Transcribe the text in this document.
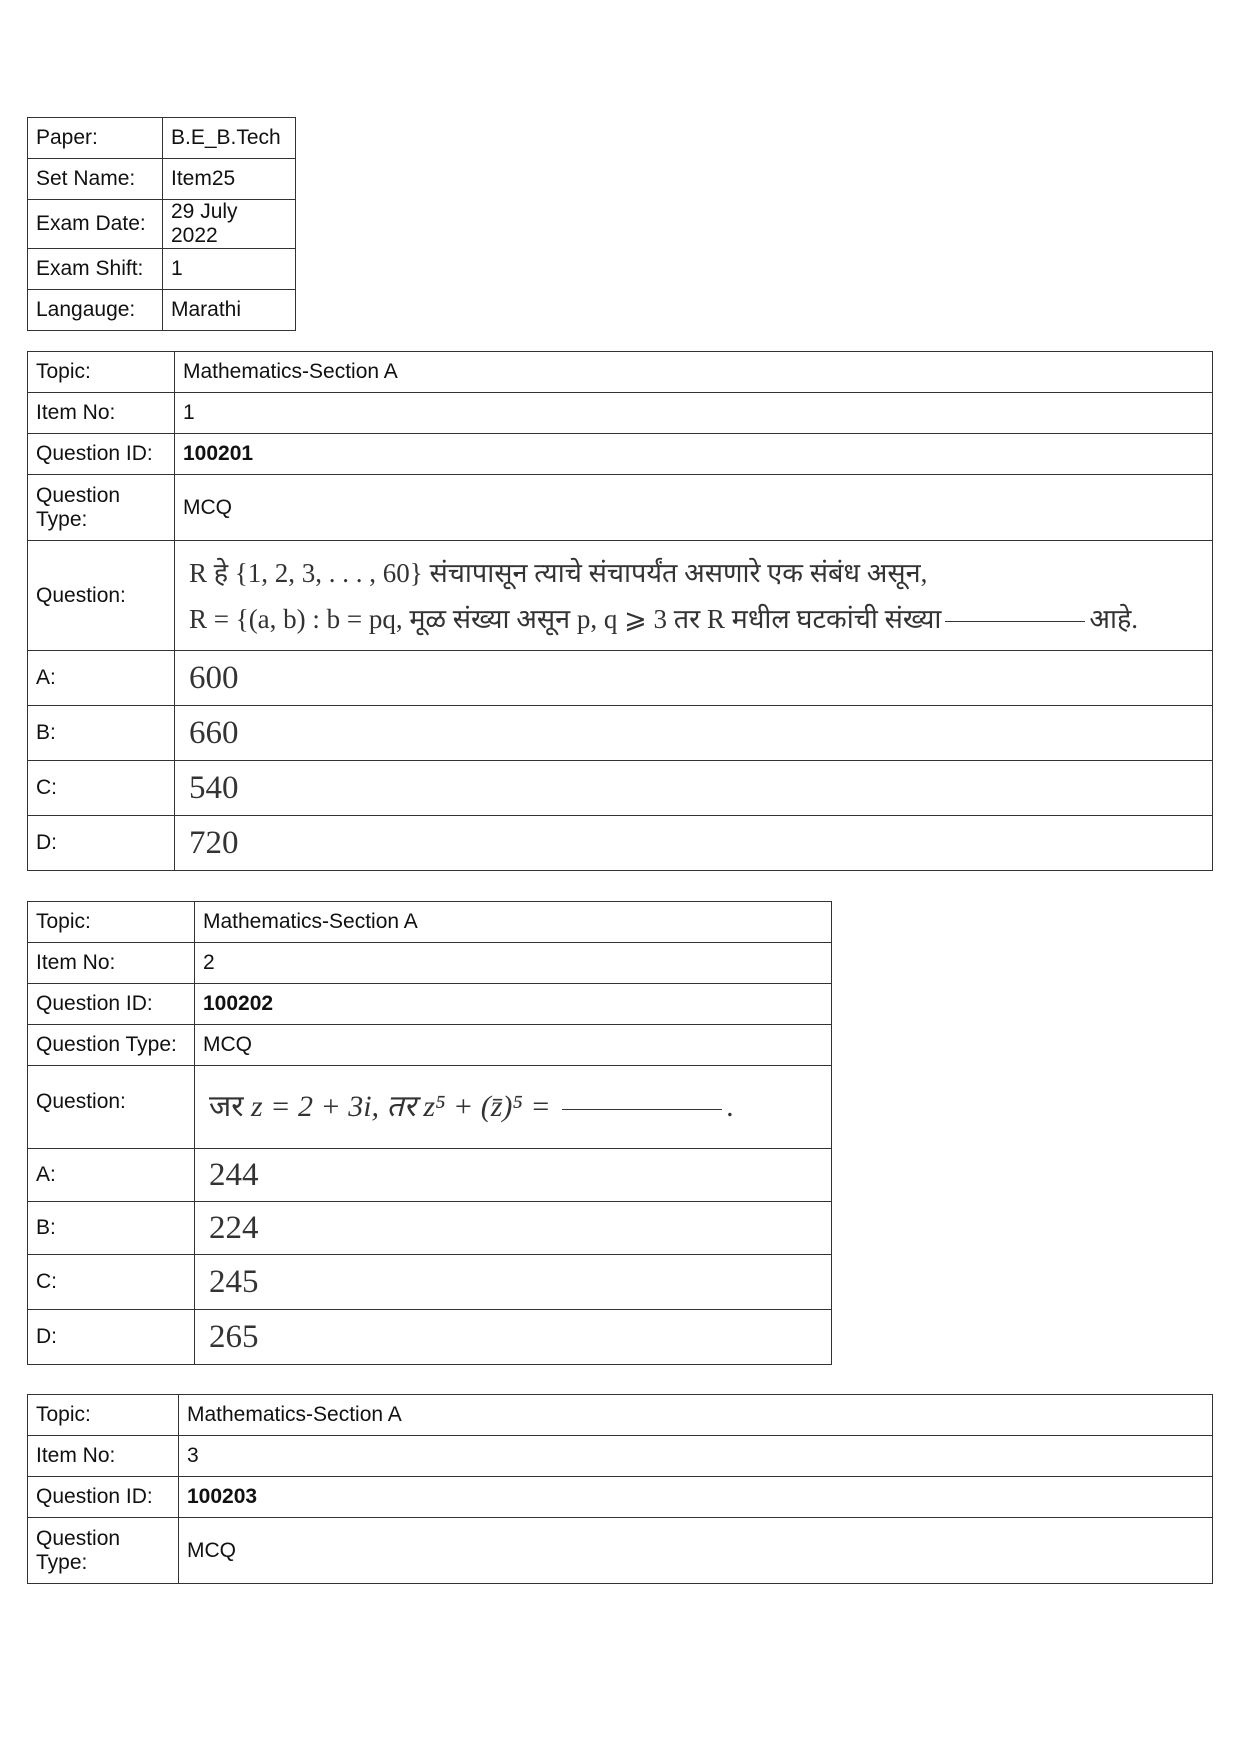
Paper:	B.E_B.Tech
Set Name:	Item25
Exam Date:	29 July 2022
Exam Shift:	1
Langauge:	Marathi
Topic:	Mathematics-Section A
Item No:	1
Question ID:	100201
Question
Type:	MCQ
Question:	R हे {1, 2, 3, . . . , 60} संचापासून त्याचे संचापर्यंत असणारे एक संबंध असून,
R = {(a, b) : b = pq, मूळ संख्या असून p, q ⩾ 3 तर R मधील घटकांची संख्या आहे.

A:	600
B:	660
C:	540
D:	720
Topic:	Mathematics-Section A
Item No:	2
Question ID:	100202
Question Type:	MCQ
Question:	जर z = 2 + 3i, तर z⁵ + (z̄)⁵ = .
A:	244
B:	224
C:	245
D:	265
Topic:	Mathematics-Section A
Item No:	3
Question ID:	100203
Question
Type:	MCQ
